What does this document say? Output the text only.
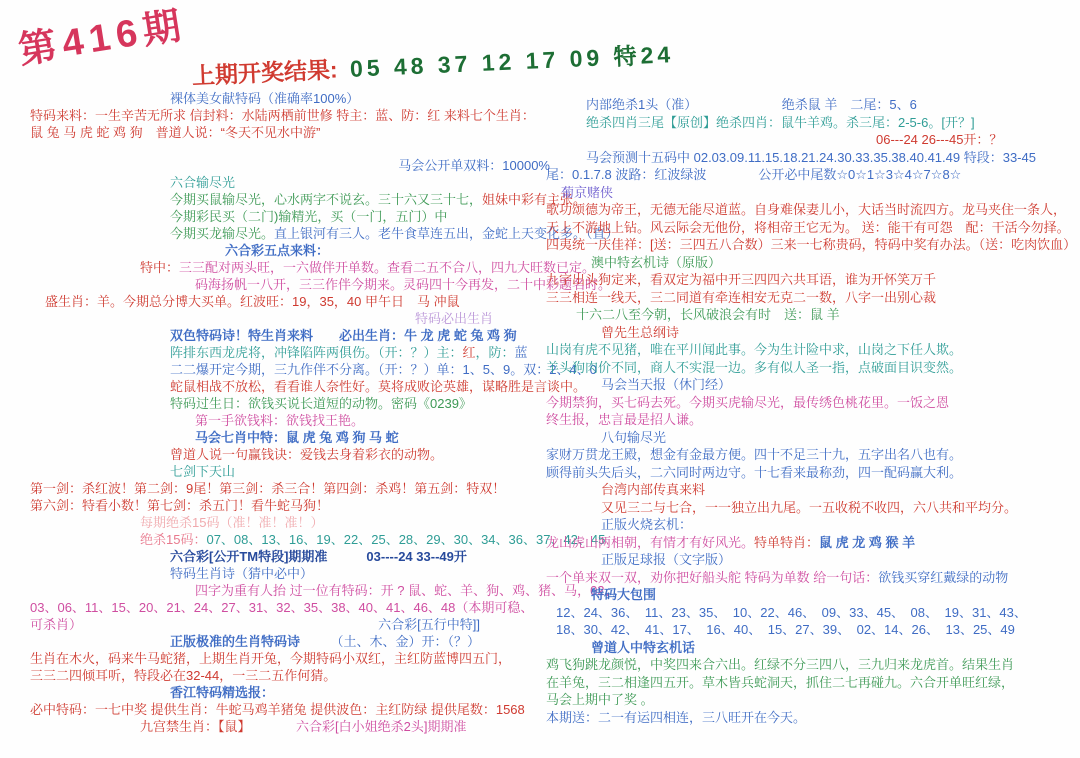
第416期
上期开奖结果: 05 48 37 12 17 09 特24
裸体美女献特码（准确率100%）
特码来料：一生辛苦无所求 信封料：水陆两栖前世修 特主：蓝、防：红 来料七个生肖：
鼠 兔 马 虎 蛇 鸡 狗　普道人说：“冬天不见水中游”
马会公开单双料：10000%
六合输尽光
今期买鼠输尽光，心水两字不说玄。三十六又三十七，姐妹中彩有主张。
今期彩民买（二门)输精光，买（一门，五门）中
今期买龙输尽光。直上银河有三人。老牛食草连五出，金蛇上天变化多。（直）
六合彩五点来料：
特中：三三配对两头旺，一六做伴开单数。查看二五不合八，四九大旺数已定。
码海扬帆一八开，三三作伴今期来。灵码四十今再发，二十中彩题名时。
盛生肖：羊。今期总分博大买单。红波旺：19，35，40 甲午日　马 冲鼠
特码必出生肖
双色特码诗！特生肖来料　　必出生肖：牛 龙 虎 蛇 兔 鸡 狗
阵排东西龙虎将，冲锋陷阵两俱伤。（开：？）主：红，防：蓝
二二爆开定今期，三九作伴不分离。（开：？）单：1、5、9。双：2、4、0
蛇鼠相战不放松，看看谁人奈性好。莫将成败论英雄，谋略胜是言谈中。
特码过生日：欲钱买说长道短的动物。密码《0239》
第一手欲钱料：欲钱找王艳。
马会七肖中特：鼠 虎 兔 鸡 狗 马 蛇
曾道人说一句赢钱诀：爱钱去身着彩衣的动物。
七剑下天山
第一剑：杀红波！第二剑：9尾！第三剑：杀三合！第四剑：杀鸡！第五剑：特双！
第六剑：特看小数！第七剑：杀五门！看牛蛇马狗！
每期绝杀15码（准！准！准！）
绝杀15码：07、08、13、16、19、22、25、28、29、30、34、36、37、42、45
六合彩[公开TM特段]期期准　　　03----24 33--49开
特码生肖诗（猜中必中）
四字为重有人抬 过一位有特码：开 ? 鼠、蛇、羊、狗、鸡、猪、马，02、
03、06、11、15、20、21、24、27、31、32、35、38、40、41、46、48（本期可稳、
可杀肖）	六合彩[五行中特]]
正版极准的生肖特码诗 （土、木、金）开：（？）
生肖在木火，码来牛马蛇猪，上期生肖开兔，今期特码小双红，主红防蓝博四五门，
三三二四倾耳听，特段必在32-44，一三二五作何猜。
香江特码精选报：
必中特码：一七中奖 提供生肖：牛蛇马鸡羊猪兔 提供波色：主红防绿 提供尾数：1568
九宫禁生肖：【鼠】　　　　六合彩[白小姐绝杀2头]期期准
内部绝杀1头（准）　　　　　　　绝杀鼠 羊　二尾：5、6
绝杀四肖三尾【原创】绝杀四肖：鼠牛羊鸡。杀三尾：2-5-6。[开？]
06---24 26---45开：？
马会预测十五码中 02.03.09.11.15.18.21.24.30.33.35.38.40.41.49 特段：33-45
尾：0.1.7.8 波路：红波绿波　　　　公开必中尾数☆0☆1☆3☆4☆7☆8☆
葡京赌侠
歌功颂德为帝王，无德无能尽道蓝。自身难保妻儿小，大话当时流四方。龙马夹住一条人，
天上不游地上钻。风云际会无他份，将相帝王它无为。 送：能干有可怨　配：干活今勿择。
四夷统一庆佳祥：[送：三四五八合数）三来一七称贵码，特码中奖有办法。（送：吃肉饮血）
澳中特玄机诗（原版）
九字出头狗定来，看双定为福中开三四四六共耳语，谁为开怀笑万千
三三相连一线天，三二同道有牵连相安无克二一数，八字一出别心裁
十六二八至今朝，长风破浪会有时　送：鼠 羊
曾先生总纲诗
山岗有虎不见猪，唯在平川闻此事。今为生计险中求，山岗之下任人欺。
羊头狗肉价不同，商人不实混一边。多有似人圣一指，点破面目识变然。
马会当天报（休门经）
今期禁狗，买七码去死。今期买虎输尽光，最传绣色桃花里。一饭之恩
终生报，忠言最是招人谦。
八句输尽光
家财万贯龙王殿，想金有金最方便。四十不足三十九，五字出名八也有。
顾得前头失后头，二六同时两边守。十七看来最称劲，四一配码赢大利。
台湾内部传真来料
又见三二与七合，一一独立出九尾。一五收税不收四，六八共和平均分。
正版火烧玄机：
龙山虎山两相朝，有情才有好风光。特单特肖：鼠 虎 龙 鸡 猴 羊
正版足球报（文字版）
一个单来双一双，劝你把好船头舵 特码为单数 给一句话：欲钱买穿红戴绿的动物
特码大包围
12、24、36、　11、23、35、　10、22、46、　09、33、45、　08、　19、31、43、
18、30、42、　41、17、　16、40、　15、27、39、　02、14、26、　13、25、49
曾道人中特玄机话
鸡飞狗跳龙颜悦，中奖四来合六出。红绿不分三四八，三九归来龙虎首。结果生肖
在羊兔，三二相逢四五开。草木皆兵蛇洞天，抓住二七再碰九。六合开单旺红绿，
马会上期中了奖 。
本期送：二一有运四相连，三八旺开在今天。
